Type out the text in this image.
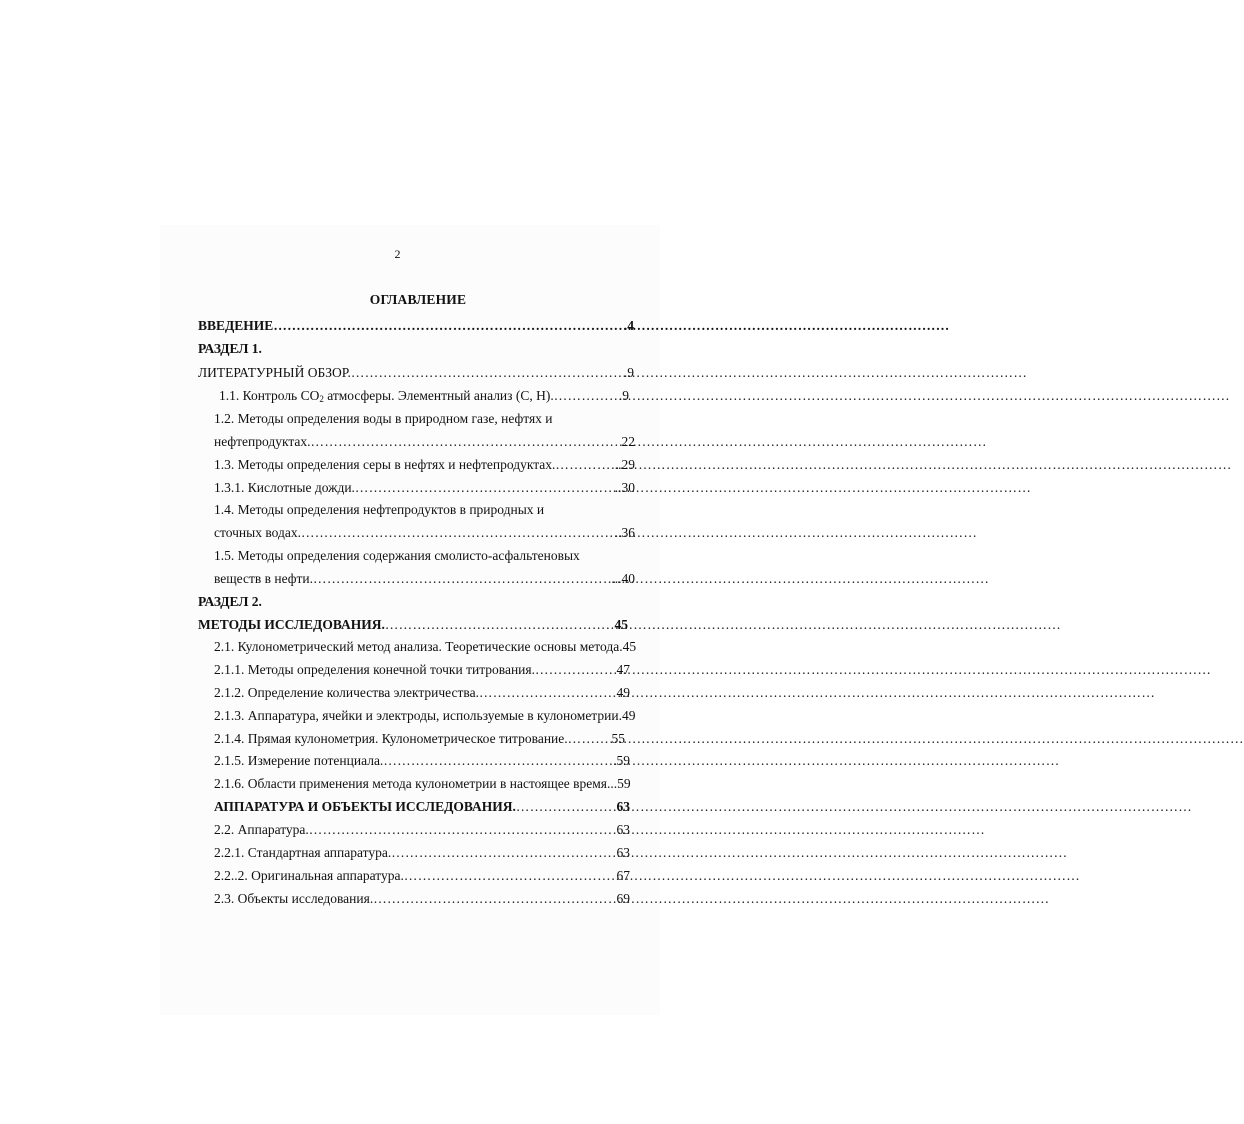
2
ОГЛАВЛЕНИЕ
ВВЕДЕНИЕ …………………………………………………………………………………………………………………………………	.4
РАЗДЕЛ 1.
ЛИТЕРАТУРНЫЙ ОБЗОР. …………………………………………………………………………………………………………………………………	.9
1.1. Контроль $СО_2$ атмосферы. Элементный анализ (С, Н). …………………………………………………………………………………………………………………………………	.9
1.2. Методы определения воды в природном газе, нефтях и
нефтепродуктах. …………………………………………………………………………………………………………………………………	22
1.3. Методы определения серы в нефтях и нефтепродуктах. …………………………………………………………………………………………………………………………………	..29
1.3.1. Кислотные дожди. …………………………………………………………………………………………………………………………………	..30
1.4. Методы определения нефтепродуктов в природных и
сточных водах. …………………………………………………………………………………………………………………………………	..36
1.5. Методы определения содержания смолисто-асфальтеновых
веществ в нефти. …………………………………………………………………………………………………………………………………	...40
РАЗДЕЛ 2.
МЕТОДЫ ИССЛЕДОВАНИЯ. …………………………………………………………………………………………………………………………………	45
2.1. Кулонометрический метод анализа. Теоретические основы метода. 45
2.1.1. Методы определения конечной точки титрования. …………………………………………………………………………………………………………………………………	47
2.1.2. Определение количества электричества. …………………………………………………………………………………………………………………………………	49
2.1.3. Аппаратура, ячейки и электроды, используемые в кулонометрии. 49
2.1.4. Прямая кулонометрия. Кулонометрическое титрование. …………………………………………………………………………………………………………………………………	55
2.1.5. Измерение потенциала. …………………………………………………………………………………………………………………………………	.59
2.1.6. Области применения метода кулонометрии в настоящее время. ..59
АППАРАТУРА И ОБЪЕКТЫ ИССЛЕДОВАНИЯ. …………………………………………………………………………………………………………………………………	63
2.2. Аппаратура. …………………………………………………………………………………………………………………………………	63
2.2.1. Стандартная аппаратура. …………………………………………………………………………………………………………………………………	63
2.2..2. Оригинальная аппаратура. …………………………………………………………………………………………………………………………………	67
2.3. Объекты исследования. …………………………………………………………………………………………………………………………………	69
